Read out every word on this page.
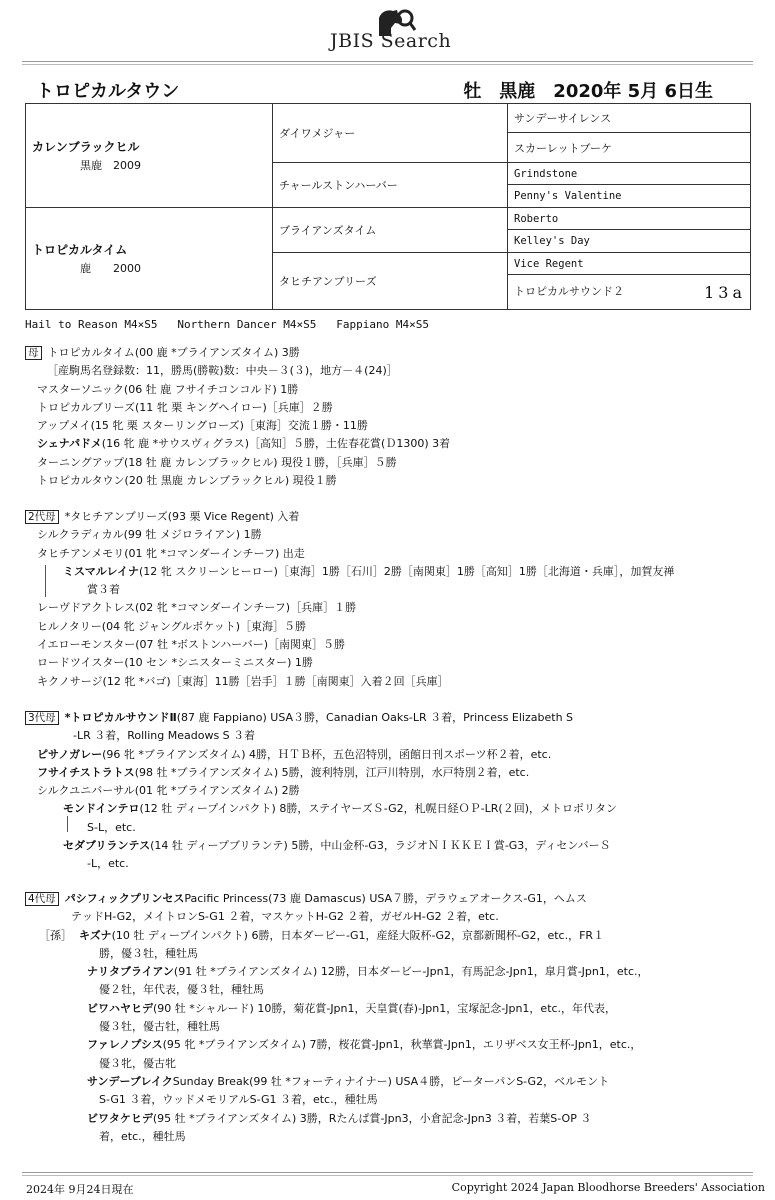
JBIS Search
トロピカルタウン	牡　黒鹿　2020年 5月 6日生
カレンブラックヒル
黒鹿　2009	ダイワメジャー	サンデーサイレンス
		スカーレットブーケ
	チャールストンハーバー	Grindstone
		Penny's Valentine
トロピカルタイム
鹿　　2000	ブライアンズタイム	Roberto
		Kelley's Day
	タヒチアンブリーズ	Vice Regent
		トロピカルサウンド２ 13a
Hail to Reason M4×S5   Northern Dancer M4×S5   Fappiano M4×S5
母 トロピカルタイム(00 鹿 *ブライアンズタイム) 3勝
［産駒馬名登録数：11，勝馬(勝鞍)数：中央－３(３)，地方－４(24)］
マスターソニック(06 牡 鹿 フサイチコンコルド) 1勝
トロピカルブリーズ(11 牝 栗 キングヘイロー)［兵庫］２勝
アップメイ(15 牝 栗 スターリングローズ)［東海］交流１勝・11勝
シェナパドメ(16 牝 鹿 *サウスヴィグラス)［高知］５勝，土佐春花賞(Ｄ1300) 3着
ターニングアップ(18 牡 鹿 カレンブラックヒル) 現役１勝，［兵庫］５勝
トロピカルタウン(20 牡 黒鹿 カレンブラックヒル) 現役１勝
2代母 *タヒチアンブリーズ(93 栗 Vice Regent) 入着
シルクラディカル(99 牡 メジロライアン) 1勝
タヒチアンメモリ(01 牝 *コマンダーインチーフ) 出走
ミスマルレイナ(12 牝 スクリーンヒーロー)［東海］1勝［石川］2勝［南関東］1勝［高知］1勝［北海道・兵庫］，加賀友禅
賞３着
レーヴドアクトレス(02 牝 *コマンダーインチーフ)［兵庫］１勝
ヒルノタリー(04 牝 ジャングルポケット)［東海］５勝
イエローモンスター(07 牡 *ボストンハーバー)［南関東］５勝
ロードツイスター(10 セン *シニスターミニスター) 1勝
キクノサージ(12 牝 *バゴ)［東海］11勝［岩手］１勝［南関東］入着２回［兵庫］
3代母 *トロピカルサウンドⅡ(87 鹿 Fappiano) USA３勝，Canadian Oaks-LR ３着，Princess Elizabeth S
-LR ３着，Rolling Meadows S ３着
ピサノガレー(96 牝 *ブライアンズタイム) 4勝，ＨＴＢ杯，五色沼特別，函館日刊スポーツ杯２着，etc.
フサイチストラトス(98 牡 *ブライアンズタイム) 5勝，渡利特別，江戸川特別，水戸特別２着，etc.
シルクユニバーサル(01 牝 *ブライアンズタイム) 2勝
モンドインテロ(12 牡 ディープインパクト) 8勝，ステイヤーズＳ-G2，札幌日経ＯＰ-LR(２回)，メトロポリタン
S-L，etc.
セダブリランテス(14 牡 ディープブリランテ) 5勝，中山金杯-G3，ラジオＮＩＫＫＥＩ賞-G3，ディセンバーＳ
-L，etc.
4代母 パシフィックプリンセスPacific Princess(73 鹿 Damascus) USA７勝，デラウェアオークス-G1，ヘムス
テッドH-G2，メイトロンS-G1 ２着，マスケットH-G2 ２着，ガゼルH-G2 ２着，etc.
［孫］ キズナ(10 牡 ディープインパクト) 6勝，日本ダービー-G1，産経大阪杯-G2，京都新聞杯-G2，etc.，FR１
勝，優３牡，種牡馬
ナリタブライアン(91 牡 *ブライアンズタイム) 12勝，日本ダービー-Jpn1，有馬記念-Jpn1，皐月賞-Jpn1，etc.，
優２牡，年代表，優３牡，種牡馬
ビワハヤヒデ(90 牡 *シャルード) 10勝，菊花賞-Jpn1，天皇賞(春)-Jpn1，宝塚記念-Jpn1，etc.，年代表，
優３牡，優古牡，種牡馬
ファレノプシス(95 牝 *ブライアンズタイム) 7勝，桜花賞-Jpn1，秋華賞-Jpn1，エリザベス女王杯-Jpn1，etc.，
優３牝，優古牝
サンデーブレイクSunday Break(99 牡 *フォーティナイナー) USA４勝，ピーターパンS-G2，ベルモント
S-G1 ３着，ウッドメモリアルS-G1 ３着，etc.，種牡馬
ビワタケヒデ(95 牡 *ブライアンズタイム) 3勝，Rたんぱ賞-Jpn3，小倉記念-Jpn3 ３着，若葉S-OP ３
着，etc.，種牡馬
2024年 9月24日現在	Copyright 2024 Japan Bloodhorse Breeders' Association
